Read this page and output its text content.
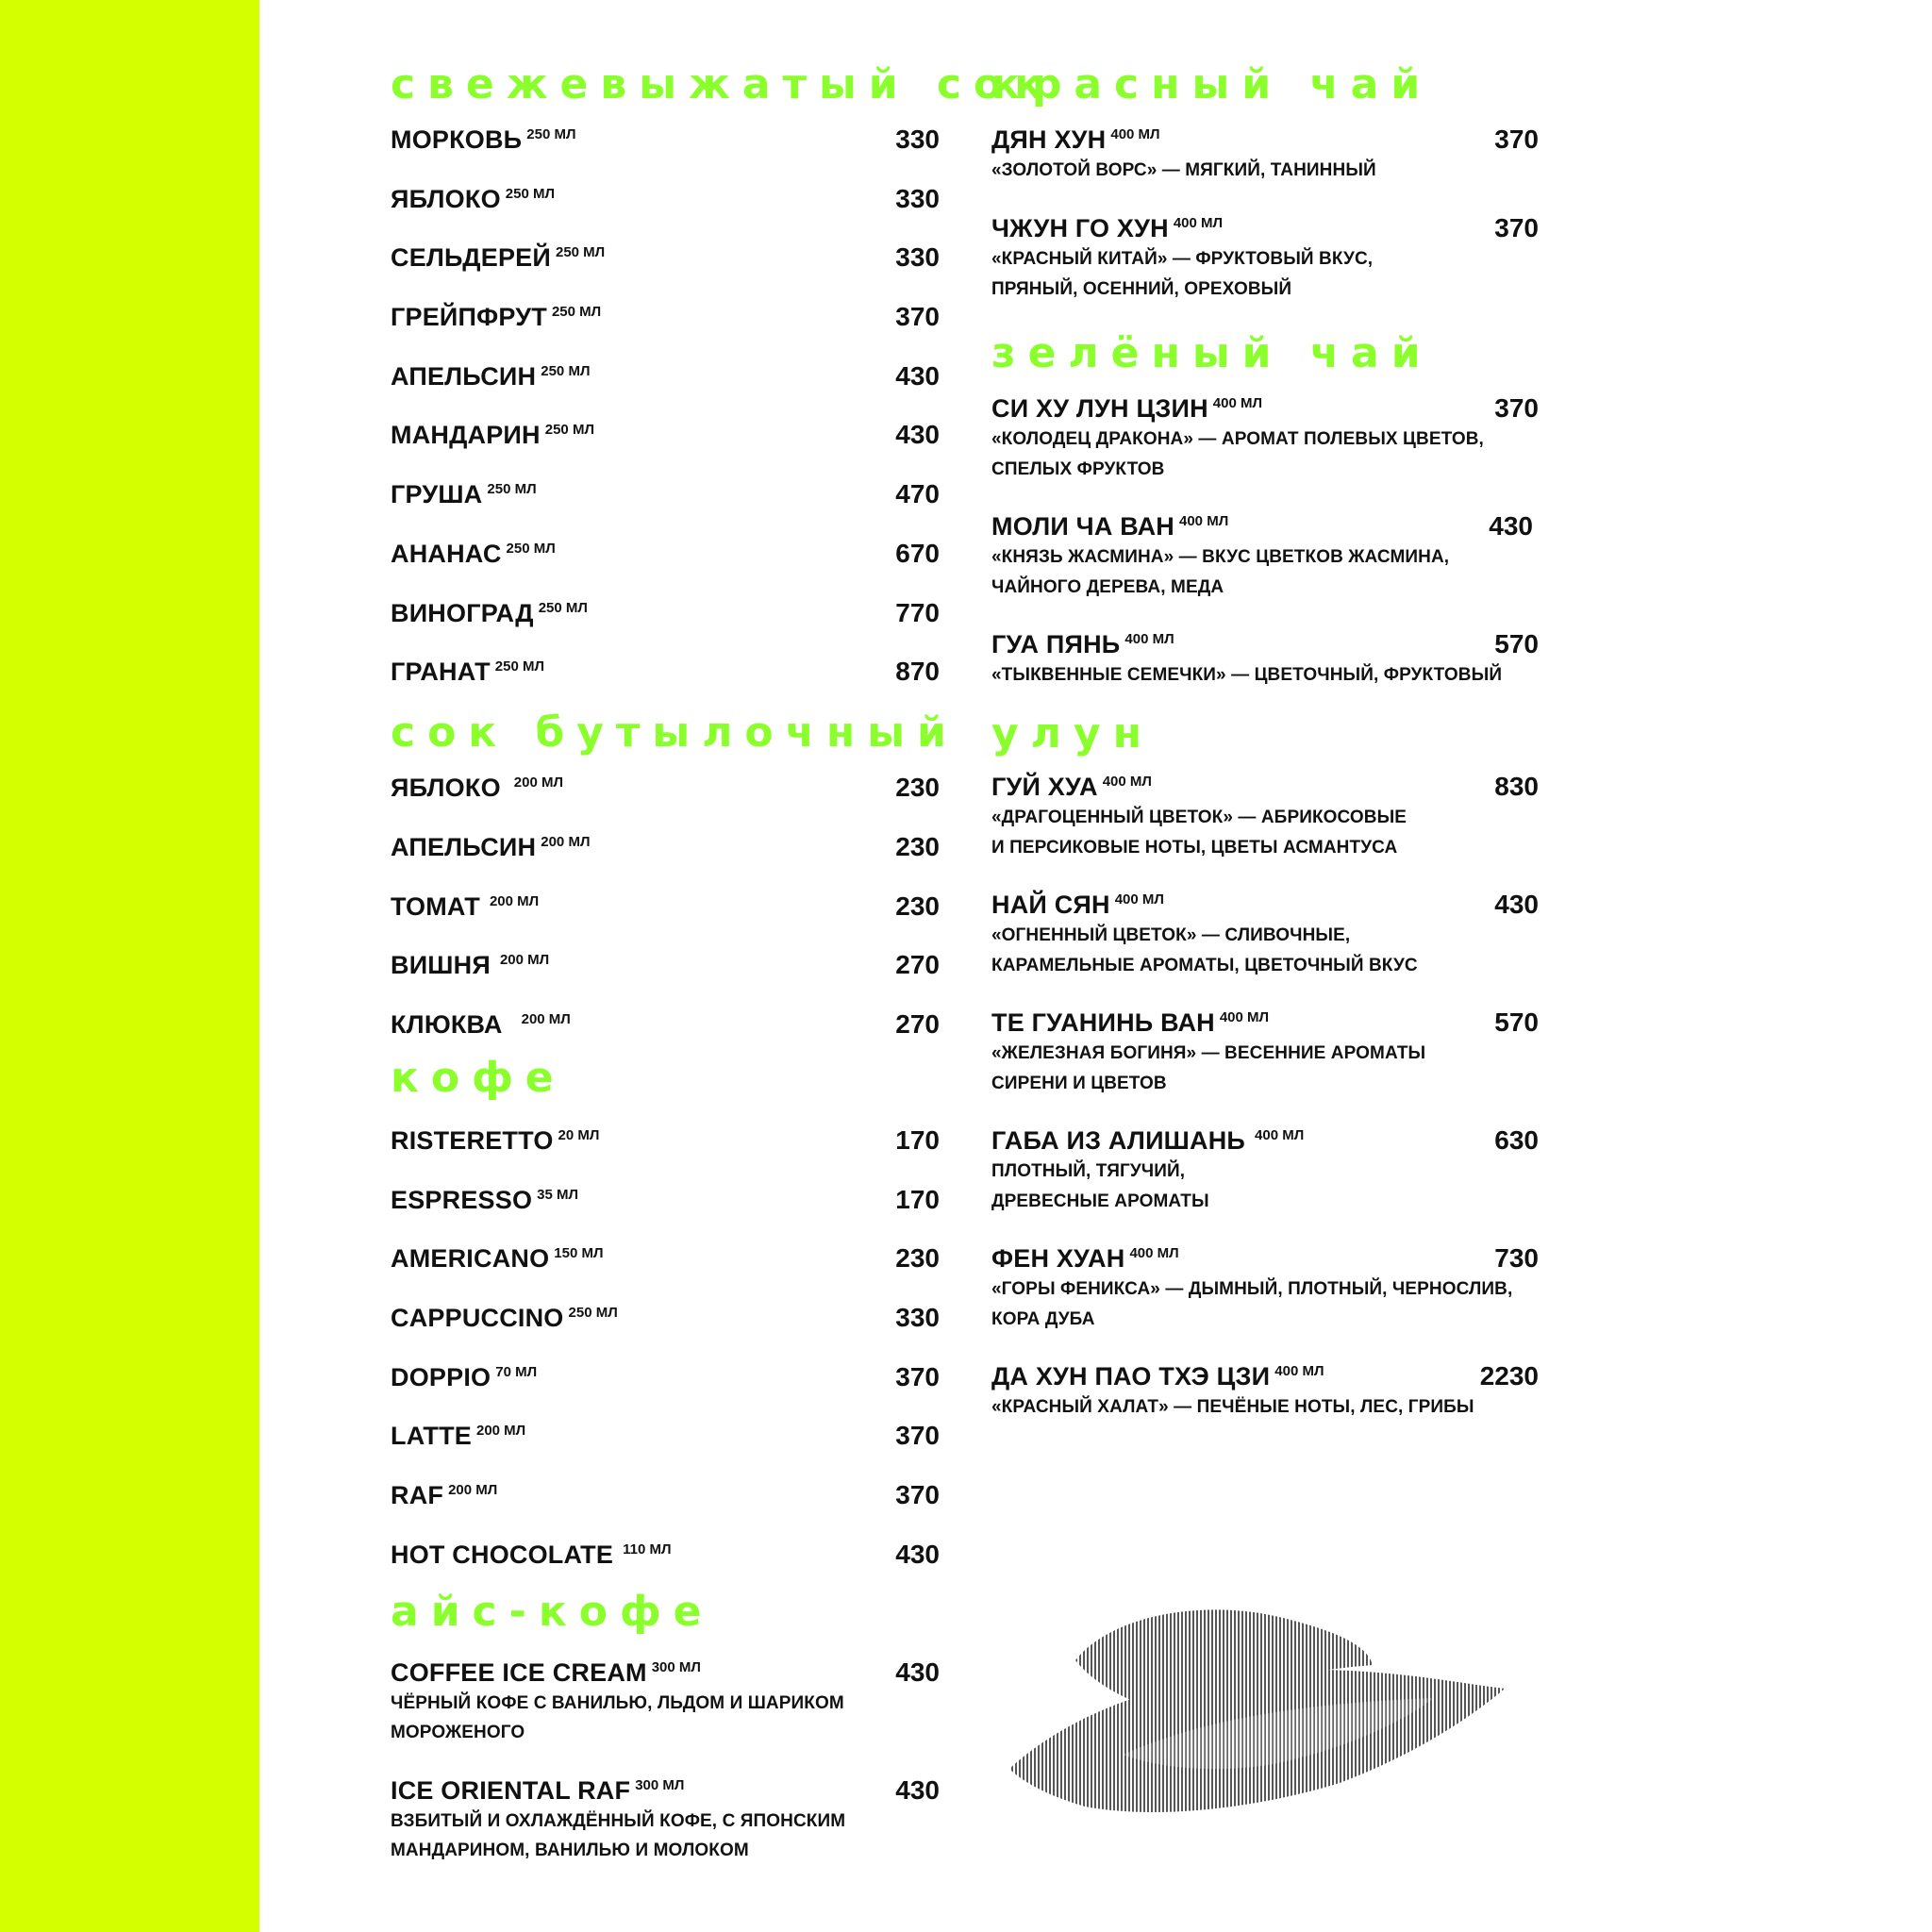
свежевыжатый сок
МОРКОВЬ $^{250 МЛ}$	330
ЯБЛОКО $^{250 МЛ}$	330
СЕЛЬДЕРЕЙ $^{250 МЛ}$	330
ГРЕЙПФРУТ $^{250 МЛ}$	370
АПЕЛЬСИН $^{250 МЛ}$	430
МАНДАРИН $^{250 МЛ}$	430
ГРУША $^{250 МЛ}$	470
АНАНАС $^{250 МЛ}$	670
ВИНОГРАД $^{250 МЛ}$	770
ГРАНАТ $^{250 МЛ}$	870
сок бутылочный
ЯБЛОКО $^{200 МЛ}$	230
АПЕЛЬСИН $^{200 МЛ}$	230
ТОМАТ $^{200 МЛ}$	230
ВИШНЯ $^{200 МЛ}$	270
КЛЮКВА $^{200 МЛ}$	270
кофе
RISTERETTO $^{20 МЛ}$	170
ESPRESSO $^{35 МЛ}$	170
AMERICANO $^{150 МЛ}$	230
CAPPUCCINO $^{250 МЛ}$	330
DOPPIO $^{70 МЛ}$	370
LATTE $^{200 МЛ}$	370
RAF $^{200 МЛ}$	370
HOT CHOCOLATE $^{110 МЛ}$	430
айс-кофе
COFFEE ICE CREAM $^{300 МЛ}$	430
ЧЁРНЫЙ КОФЕ С ВАНИЛЬЮ, ЛЬДОМ И ШАРИКОМ
МОРОЖЕНОГО
ICE ORIENTAL RAF $^{300 МЛ}$	430
ВЗБИТЫЙ И ОХЛАЖДЁННЫЙ КОФЕ, С ЯПОНСКИМ
МАНДАРИНОМ, ВАНИЛЬЮ И МОЛОКОМ
красный чай
ДЯН ХУН $^{400 МЛ}$	370
«ЗОЛОТОЙ ВОРС» — МЯГКИЙ, ТАНИННЫЙ
ЧЖУН ГО ХУН $^{400 МЛ}$	370
«КРАСНЫЙ КИТАЙ» — ФРУКТОВЫЙ ВКУС,
ПРЯНЫЙ, ОСЕННИЙ, ОРЕХОВЫЙ
зелёный чай
СИ ХУ ЛУН ЦЗИН $^{400 МЛ}$	370
«КОЛОДЕЦ ДРАКОНА» — АРОМАТ ПОЛЕВЫХ ЦВЕТОВ,
СПЕЛЫХ ФРУКТОВ
МОЛИ ЧА ВАН $^{400 МЛ}$	430
«КНЯЗЬ ЖАСМИНА» — ВКУС ЦВЕТКОВ ЖАСМИНА,
ЧАЙНОГО ДЕРЕВА, МЕДА
ГУА ПЯНЬ $^{400 МЛ}$	570
«ТЫКВЕННЫЕ СЕМЕЧКИ» — ЦВЕТОЧНЫЙ, ФРУКТОВЫЙ
улун
ГУЙ ХУА $^{400 МЛ}$	830
«ДРАГОЦЕННЫЙ ЦВЕТОК» — АБРИКОСОВЫЕ
И ПЕРСИКОВЫЕ НОТЫ, ЦВЕТЫ АСМАНТУСА
НАЙ СЯН $^{400 МЛ}$	430
«ОГНЕННЫЙ ЦВЕТОК» — СЛИВОЧНЫЕ,
КАРАМЕЛЬНЫЕ АРОМАТЫ, ЦВЕТОЧНЫЙ ВКУС
ТЕ ГУАНИНЬ ВАН $^{400 МЛ}$	570
«ЖЕЛЕЗНАЯ БОГИНЯ» — ВЕСЕННИЕ АРОМАТЫ
СИРЕНИ И ЦВЕТОВ
ГАБА ИЗ АЛИШАНЬ $^{400 МЛ}$	630
ПЛОТНЫЙ, ТЯГУЧИЙ,
ДРЕВЕСНЫЕ АРОМАТЫ
ФЕН ХУАН $^{400 МЛ}$	730
«ГОРЫ ФЕНИКСА» — ДЫМНЫЙ, ПЛОТНЫЙ, ЧЕРНОСЛИВ,
КОРА ДУБА
ДА ХУН ПАО ТХЭ ЦЗИ $^{400 МЛ}$	2230
«КРАСНЫЙ ХАЛАТ» — ПЕЧЁНЫЕ НОТЫ, ЛЕС, ГРИБЫ
